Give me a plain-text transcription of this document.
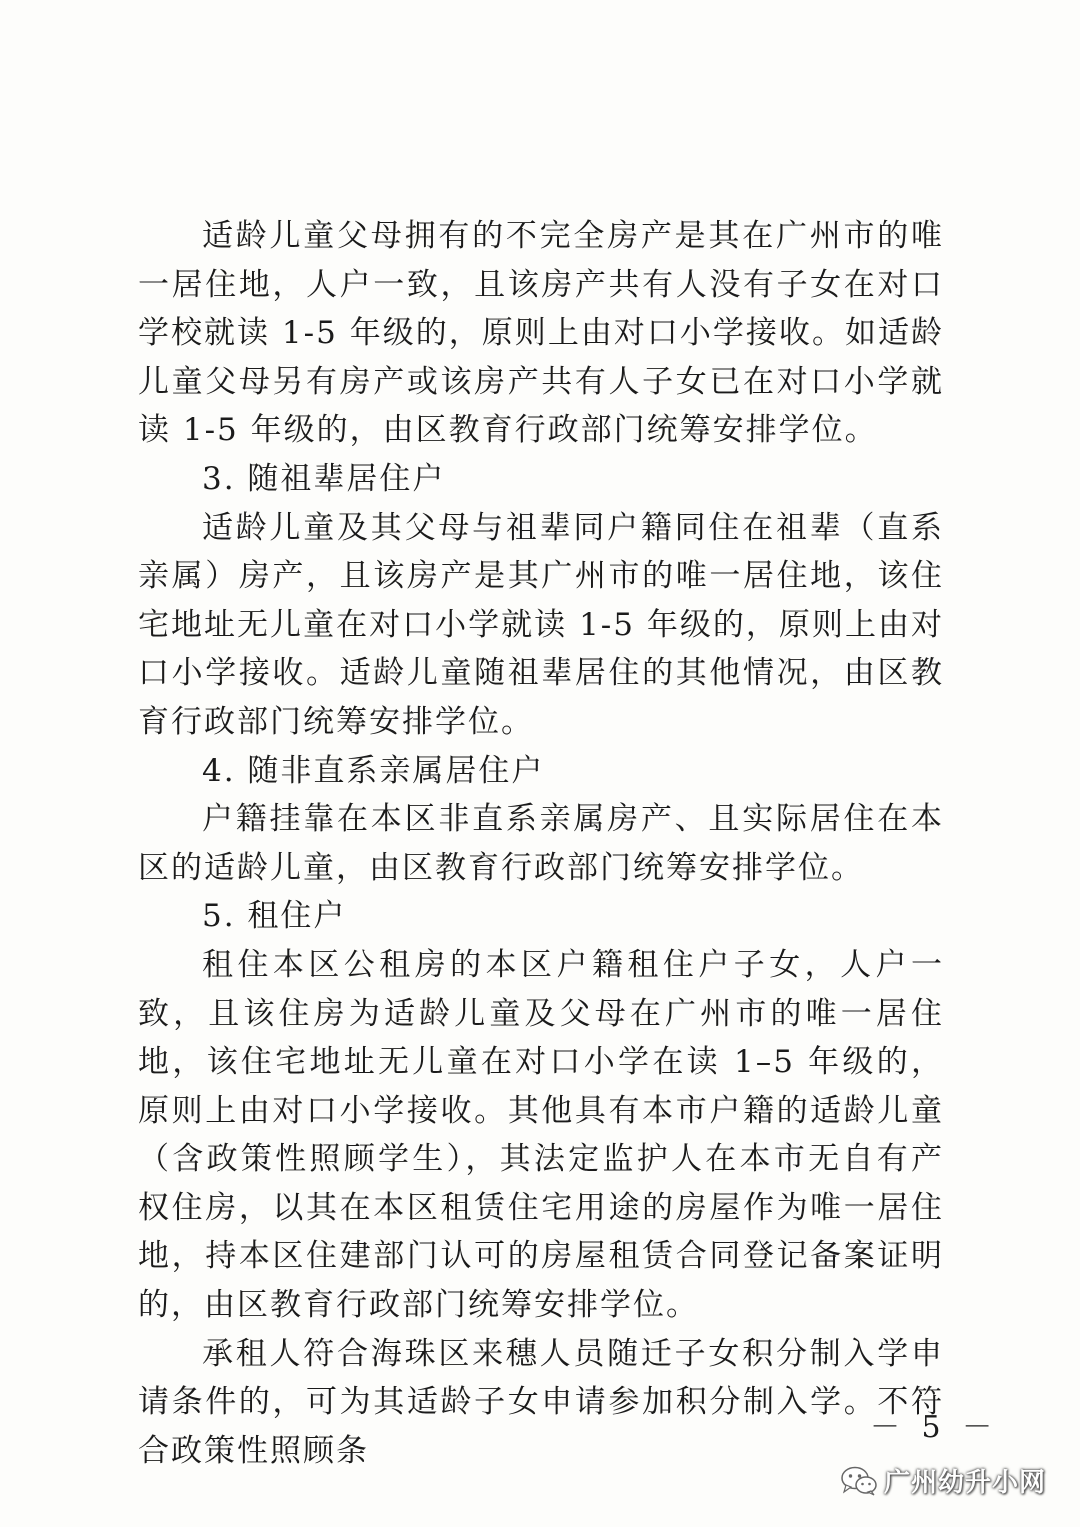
适龄儿童父母拥有的不完全房产是其在广州市的唯一居住地，人户一致，且该房产共有人没有子女在对口学校就读 1-5 年级的，原则上由对口小学接收。如适龄儿童父母另有房产或该房产共有人子女已在对口小学就读 1-5 年级的，由区教育行政部门统筹安排学位。

3. 随祖辈居住户

适龄儿童及其父母与祖辈同户籍同住在祖辈（直系亲属）房产，且该房产是其广州市的唯一居住地，该住宅地址无儿童在对口小学就读 1-5 年级的，原则上由对口小学接收。适龄儿童随祖辈居住的其他情况，由区教育行政部门统筹安排学位。

4. 随非直系亲属居住户

户籍挂靠在本区非直系亲属房产、且实际居住在本区的适龄儿童，由区教育行政部门统筹安排学位。

5. 租住户

租住本区公租房的本区户籍租住户子女，人户一致，且该住房为适龄儿童及父母在广州市的唯一居住地，该住宅地址无儿童在对口小学在读 1–5 年级的，原则上由对口小学接收。其他具有本市户籍的适龄儿童（含政策性照顾学生），其法定监护人在本市无自有产权住房，以其在本区租赁住宅用途的房屋作为唯一居住地，持本区住建部门认可的房屋租赁合同登记备案证明的，由区教育行政部门统筹安排学位。

承租人符合海珠区来穗人员随迁子女积分制入学申请条件的，可为其适龄子女申请参加积分制入学。不符合政策性照顾条

－ 5 －
广州幼升小网
